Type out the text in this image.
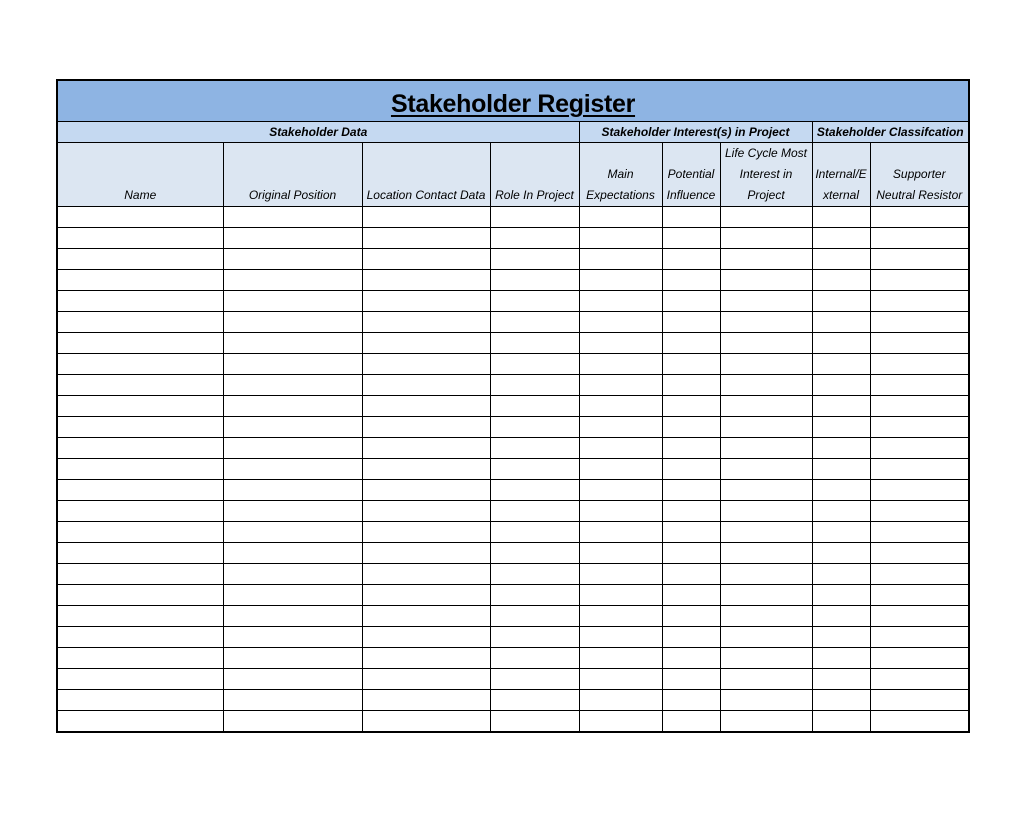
Stakeholder Register								
Stakeholder Data				Stakeholder Interest(s) in Project			Stakeholder Classifcation	

Name	Original Position	Location Contact Data	Role In Project	Main Expectations	Potential Influence	Life Cycle Most Interest in Project	Internal/E xternal	Supporter Neutral Resistor
